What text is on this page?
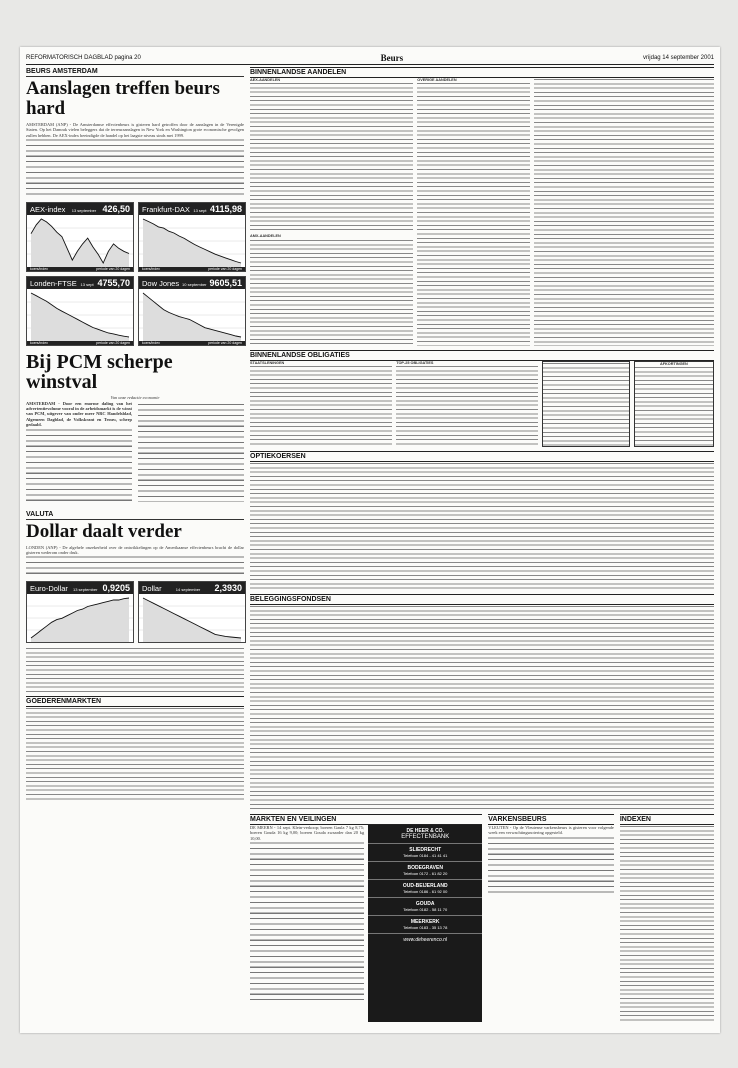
REFORMATORISCH DAGBLAD pagina 20	Beurs	vrijdag 14 september 2001
BEURS AMSTERDAM
Aanslagen treffen beurs hard
AMSTERDAM (ANP) - De Amsterdamse effectenbeurs is gisteren hard getroffen door de aanslagen in de Verenigde Staten. Op het Damrak vielen beleggers dat de terreuraanslagen in New York en Washington grote economische gevolgen zullen hebben. De AEX-index beeindigde de handel op het laagste niveau sinds mei 1999.
AEX-index 13 september 426,50
koers/index	periode van 20 dagen
Frankfurt-DAX 13 sept 4115,98
koers/index	periode van 20 dagen
Londen-FTSE 13 sept 4755,70
koers/index	periode van 20 dagen
Dow Jones 10 september 9605,51
koers/index	periode van 20 dagen
Bij PCM scherpe winstval
Van onze redactie economie
AMSTERDAM - Door een enorme daling van het advertentievolume vooral in de arbeidsmarkt is de winst van PCM, uitgever van onder meer NRC Handelsblad, Algemeen Dagblad, de Volkskrant en Trouw, scherp gedaald.
VALUTA
Dollar daalt verder
LONDEN (ANP) - De algehele onzekerheid over de ontwikkelingen op de Amerikaanse effectenbeurs bracht de dollar gisteren wederom onder druk.
Euro-Dollar 13 september 0,9205 Dollar	14 september 2,3930
GOEDERENMARKTEN
BINNENLANDSE AANDELEN
AEX-AANDELEN
AMX-AANDELEN
OVERIGE AANDELEN
BINNENLANDSE OBLIGATIES
STAATSLENINGEN	TOP-25 OBLIGATIES	AFKORTINGEN
OPTIEKOERSEN
BELEGGINGSFONDSEN
MARKTEN EN VEILINGEN
DE MEERN - 14 sept. Klein-verkoop; boeren Gaula 7 kg 8,75; boeren Gouda 16 kg 9,00; boeren Gouda zwaarder dan 20 kg 10,00.
DE HEER & CO.
EFFECTENBANK
SLIEDRECHT
Telefoon 0184 - 41 41 41
BODEGRAVEN
Telefoon 0172 - 61 82 20
OUD-BEIJERLAND
Telefoon 0186 - 61 92 00
GOUDA
Telefoon 0182 - 58 11 70
MEERKERK
Telefoon 0183 - 35 13 78
www.deheerenco.nl
VARKENSBEURS
VLEUTEN - Op de Vleutense varkensbeurs is gisteren voor volgende week een verwachtingsnotering opgesteld.
INDEXEN
